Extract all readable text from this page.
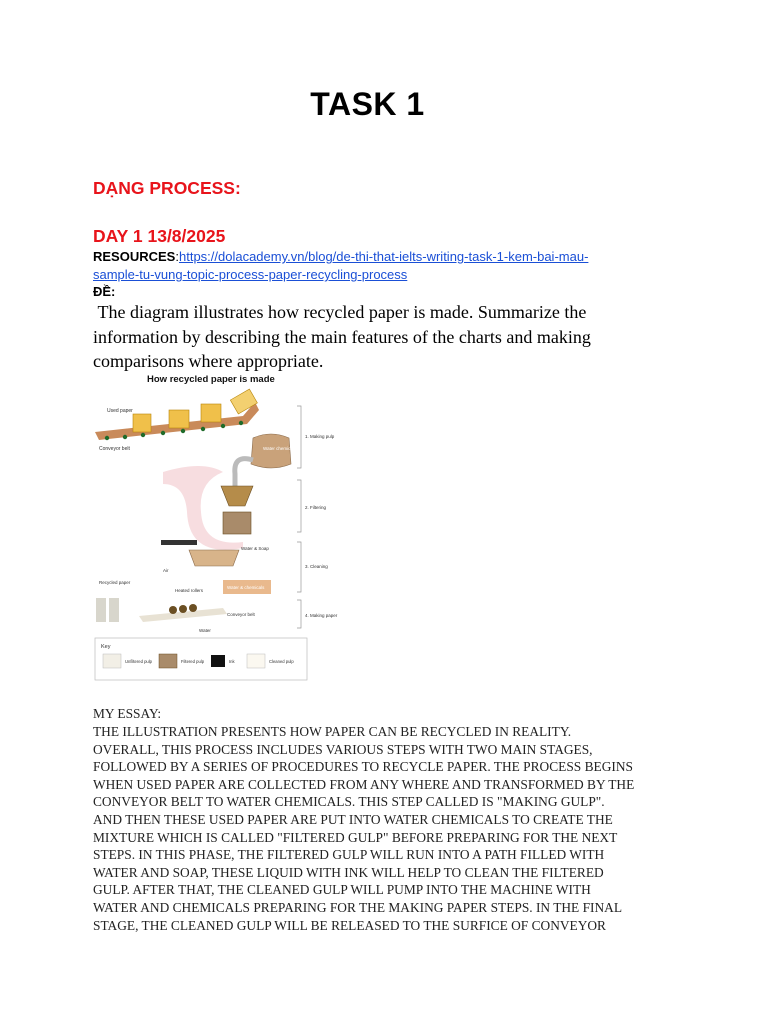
TASK 1
DẠNG PROCESS:
DAY 1 13/8/2025
RESOURCES:https://dolacademy.vn/blog/de-thi-that-ielts-writing-task-1-kem-bai-mau-
sample-tu-vung-topic-process-paper-recycling-process
ĐỀ:
The diagram illustrates how recycled paper is made. Summarize the information by describing the main features of the charts and making comparisons where appropriate.
How recycled paper is made
Used paper
Conveyor belt	Water chemicals
Water & Soap
Air
Water & chemicals
Recycled paper
Heated rollers
Conveyor belt
Water
1. Making pulp
2. Filtering
3. Cleaning
4. Making paper
Key
Unfiltered pulp	Filtered pulp	Ink	Cleaned pulp
MY ESSAY:
THE ILLUSTRATION PRESENTS HOW PAPER CAN BE RECYCLED IN REALITY.
OVERALL, THIS PROCESS INCLUDES VARIOUS STEPS WITH TWO MAIN STAGES,
FOLLOWED BY A SERIES OF PROCEDURES TO RECYCLE PAPER. THE PROCESS BEGINS
WHEN USED PAPER ARE COLLECTED FROM ANY WHERE AND TRANSFORMED BY THE
CONVEYOR BELT TO WATER CHEMICALS. THIS STEP CALLED IS "MAKING GULP".
AND THEN THESE USED PAPER ARE PUT INTO WATER CHEMICALS TO CREATE THE
MIXTURE WHICH IS CALLED "FILTERED GULP" BEFORE PREPARING FOR THE NEXT
STEPS. IN THIS PHASE, THE FILTERED GULP WILL RUN INTO A PATH FILLED WITH
WATER AND SOAP, THESE LIQUID WITH INK WILL HELP TO CLEAN THE FILTERED
GULP. AFTER THAT, THE CLEANED GULP WILL PUMP INTO THE MACHINE WITH
WATER AND CHEMICALS PREPARING FOR THE MAKING PAPER STEPS. IN THE FINAL
STAGE, THE CLEANED GULP WILL BE RELEASED TO THE SURFICE OF CONVEYOR
